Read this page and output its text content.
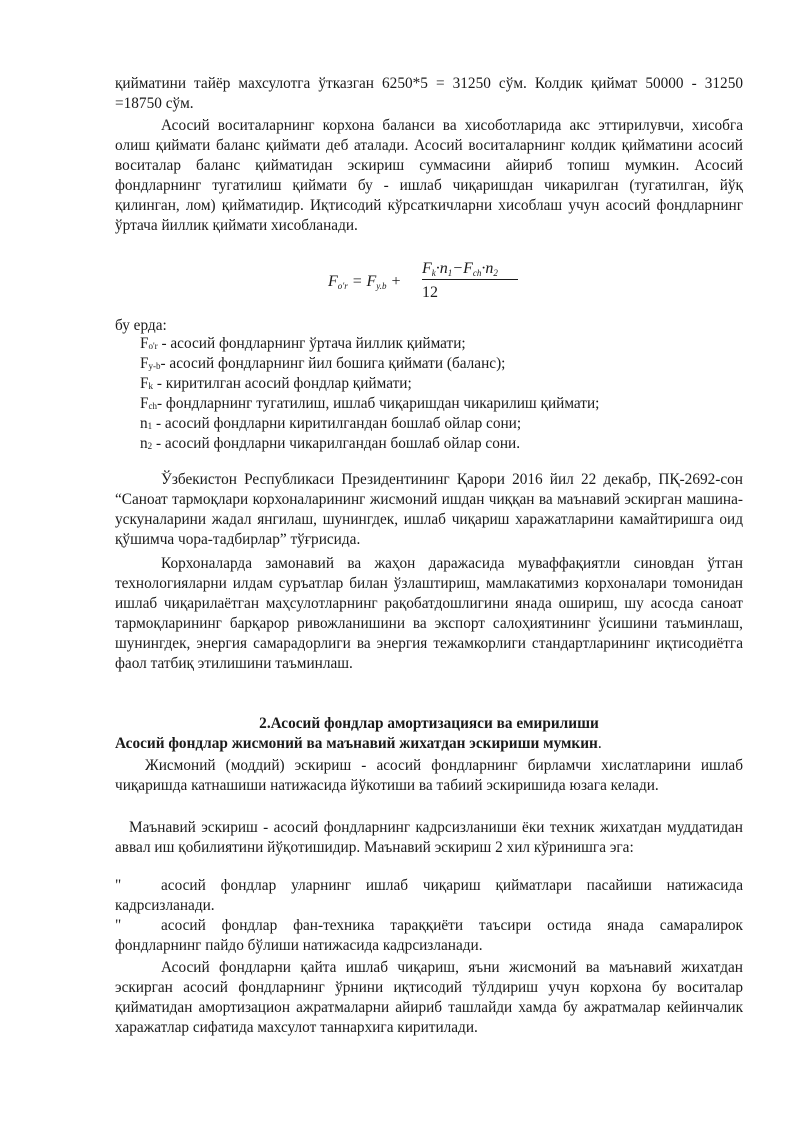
қийматини тайёр махсулотга ўтказган 6250*5 = 31250 сўм. Колдик қиймат 50000 - 31250 =18750 сўм.

Асосий воситаларнинг корхона баланси ва хисоботларида акс эттирилувчи, хисобга олиш қиймати баланс қиймати деб аталади. Асосий воситаларнинг колдик қийматини асосий воситалар баланс қийматидан эскириш суммасини айириб топиш мумкин. Асосий фондларнинг тугатилиш қиймати бу - ишлаб чиқаришдан чикарилган (тугатилган, йўқ қилинган, лом) қийматидир. Иқтисодий кўрсаткичларни хисоблаш учун асосий фондларнинг ўртача йиллик қиймати хисобланади.

Fo'r = Fy.b +
Fk·n1−Fch·n2
12

бу ерда:

Fo'r - асосий фондларнинг ўртача йиллик қиймати;
Fy-b- асосий фондларнинг йил бошига қиймати (баланс);
Fk - киритилган асосий фондлар қиймати;
Fch- фондларнинг тугатилиш, ишлаб чиқаришдан чикарилиш қиймати;
n1 - асосий фондларни киритилгандан бошлаб ойлар сони;
n2 - асосий фондларни чикарилгандан бошлаб ойлар сони.

Ўзбекистон Республикаси Президентининг Қарори 2016 йил 22 декабр, ПҚ-2692-сон “Саноат тармоқлари корхоналарининг жисмоний ишдан чиққан ва маънавий эскирган машина-ускуналарини жадал янгилаш, шунингдек, ишлаб чиқариш харажатларини камайтиришга оид қўшимча чора-тадбирлар” тўғрисида.

Корхоналарда замонавий ва жаҳон даражасида муваффақиятли синовдан ўтган технологияларни илдам суръатлар билан ўзлаштириш, мамлакатимиз корхоналари томонидан ишлаб чиқарилаётган маҳсулотларнинг рақобатдошлигини янада ошириш, шу асосда саноат тармоқларининг барқарор ривожланишини ва экспорт салоҳиятининг ўсишини таъминлаш, шунингдек, энергия самарадорлиги ва энергия тежамкорлиги стандартларининг иқтисодиётга фаол татбиқ этилишини таъминлаш.

2.Асосий фондлар амортизацияси ва емирилиши

Асосий фондлар жисмоний ва маънавий жихатдан эскириши мумкин.

Жисмоний (моддий) эскириш - асосий фондларнинг бирламчи хислатларини ишлаб чиқаришда катнашиши натижасида йўкотиши ва табиий эскиришида юзага келади.

Маънавий эскириш - асосий фондларнинг кадрсизланиши ёки техник жихатдан муддатидан аввал иш қобилиятини йўқотишидир. Маънавий эскириш 2 хил кўринишга эга:

"	асосий фондлар уларнинг ишлаб чиқариш қийматлари пасайиши натижасида кадрсизланади.

"	асосий фондлар фан-техника тараққиёти таъсири остида янада самаралирок фондларнинг пайдо бўлиши натижасида кадрсизланади.

Асосий фондларни қайта ишлаб чиқариш, яъни жисмоний ва маънавий жихатдан эскирган асосий фондларнинг ўрнини иқтисодий тўлдириш учун корхона бу воситалар қийматидан амортизацион ажратмаларни айириб ташлайди хамда бу ажратмалар кейинчалик харажатлар сифатида махсулот таннархига киритилади.
